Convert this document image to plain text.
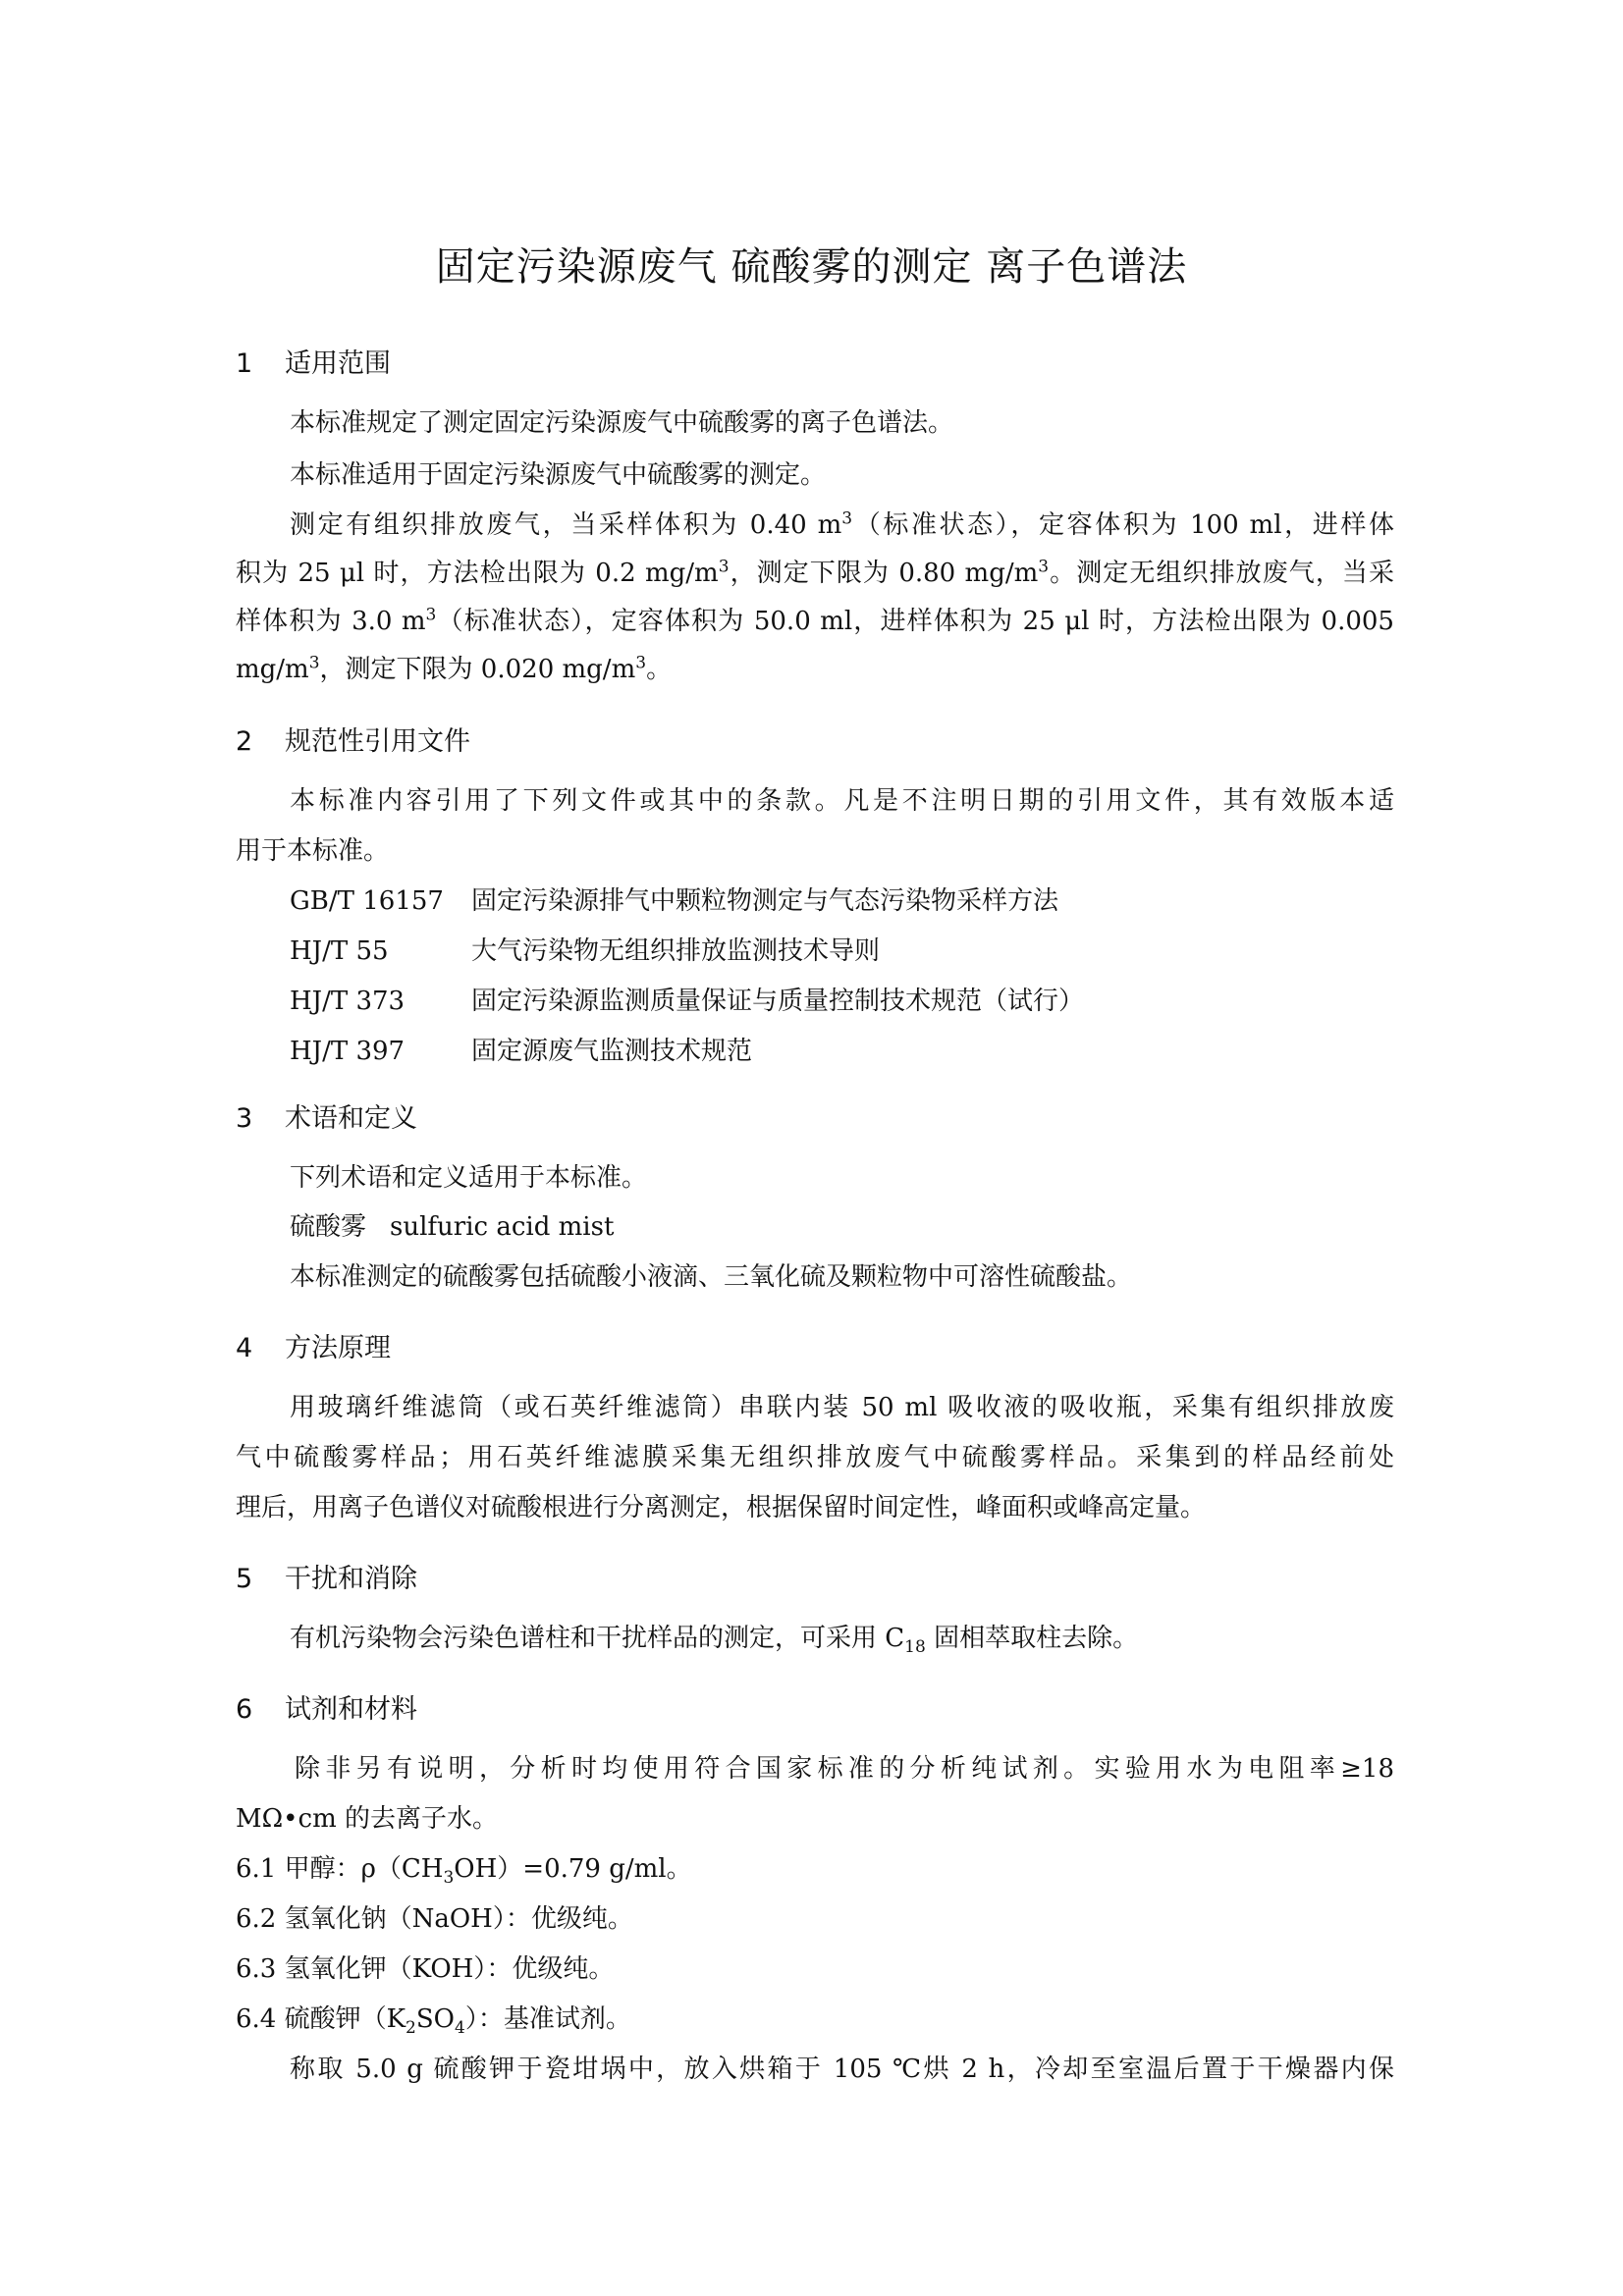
固定污染源废气 硫酸雾的测定 离子色谱法
1 适用范围
本标准规定了测定固定污染源废气中硫酸雾的离子色谱法。
本标准适用于固定污染源废气中硫酸雾的测定。
测定有组织排放废气，当采样体积为 0.40 $m^3$（标准状态），定容体积为 100 ml，进样体
积为 25 μl 时，方法检出限为 0.2 $mg/m^3$，测定下限为 0.80 $mg/m^3$。测定无组织排放废气，当采
样体积为 3.0 $m^3$（标准状态），定容体积为 50.0 ml，进样体积为 25 μl 时，方法检出限为 0.005
$mg/m^3$，测定下限为 0.020 $mg/m^3$。
2 规范性引用文件
本标准内容引用了下列文件或其中的条款。凡是不注明日期的引用文件，其有效版本适
用于本标准。
GB/T 16157 固定污染源排气中颗粒物测定与气态污染物采样方法
HJ/T 55	大气污染物无组织排放监测技术导则
HJ/T 373	固定污染源监测质量保证与质量控制技术规范（试行）
HJ/T 397	固定源废气监测技术规范
3 术语和定义
下列术语和定义适用于本标准。
硫酸雾 sulfuric acid mist
本标准测定的硫酸雾包括硫酸小液滴、三氧化硫及颗粒物中可溶性硫酸盐。
4 方法原理
用玻璃纤维滤筒（或石英纤维滤筒）串联内装 50 ml 吸收液的吸收瓶，采集有组织排放废
气中硫酸雾样品；用石英纤维滤膜采集无组织排放废气中硫酸雾样品。采集到的样品经前处
理后，用离子色谱仪对硫酸根进行分离测定，根据保留时间定性，峰面积或峰高定量。
5 干扰和消除
有机污染物会污染色谱柱和干扰样品的测定，可采用 $C_{18}$ 固相萃取柱去除。
6 试剂和材料
除非另有说明，分析时均使用符合国家标准的分析纯试剂。实验用水为电阻率≥18
MΩ•cm 的去离子水。
6.1 甲醇：$\rho(CH_3OH)=0.79$ g/ml。
6.2 氢氧化钠（NaOH）：优级纯。
6.3 氢氧化钾（KOH）：优级纯。
6.4 硫酸钾$(K_2SO_4)$：基准试剂。
称取 5.0 g 硫酸钾于瓷坩埚中，放入烘箱于 105 ℃烘 2 h，冷却至室温后置于干燥器内保
